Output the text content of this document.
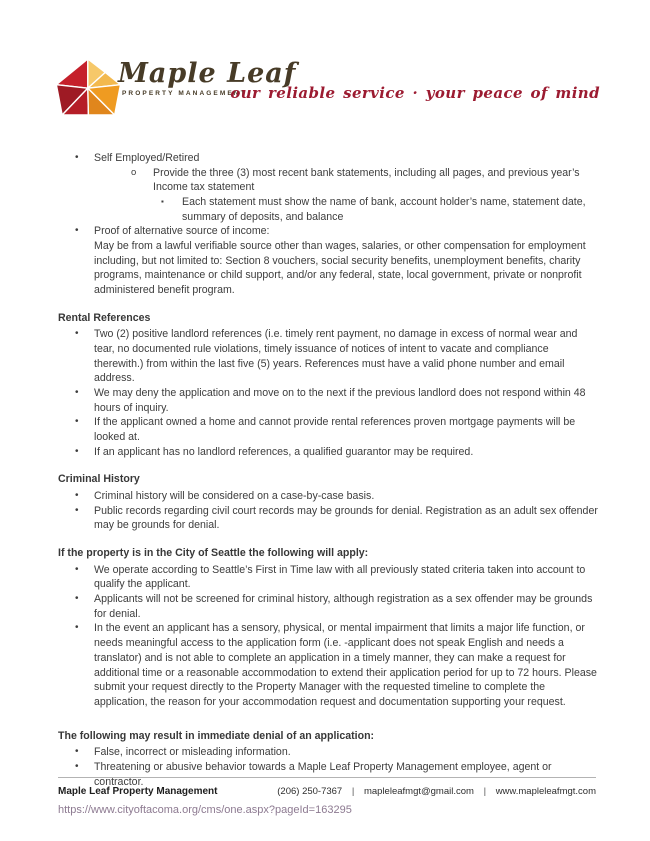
Maple Leaf
PROPERTY MANAGEMENT
our reliable service · your peace of mind
•	Self Employed/Retired
o	Provide the three (3) most recent bank statements, including all pages, and previous year’s Income tax statement
▪	Each statement must show the name of bank, account holder’s name, statement date, summary of deposits, and balance
•	Proof of alternative source of income:
May be from a lawful verifiable source other than wages, salaries, or other compensation for employment including, but not limited to: Section 8 vouchers, social security benefits, unemployment benefits, charity programs, maintenance or child support, and/or any federal, state, local government, private or nonprofit administered benefit program.

Rental References

•	Two (2) positive landlord references (i.e. timely rent payment, no damage in excess of normal wear and tear, no documented rule violations, timely issuance of notices of intent to vacate and compliance therewith.) from within the last five (5) years. References must have a valid phone number and email address.
•	We may deny the application and move on to the next if the previous landlord does not respond within 48 hours of inquiry.
•	If the applicant owned a home and cannot provide rental references proven mortgage payments will be looked at.
•	If an applicant has no landlord references, a qualified guarantor may be required.

Criminal History

•	Criminal history will be considered on a case-by-case basis.
•	Public records regarding civil court records may be grounds for denial. Registration as an adult sex offender may be grounds for denial.

If the property is in the City of Seattle the following will apply:

•	We operate according to Seattle’s First in Time law with all previously stated criteria taken into account to qualify the applicant.
•	Applicants will not be screened for criminal history, although registration as a sex offender may be grounds for denial.
•	In the event an applicant has a sensory, physical, or mental impairment that limits a major life function, or needs meaningful access to the application form (i.e. -applicant does not speak English and needs a translator) and is not able to complete an application in a timely manner, they can make a request for additional time or a reasonable accommodation to extend their application period for up to 72 hours. Please submit your request directly to the Property Manager with the requested timeline to complete the application, the reason for your accommodation request and documentation supporting your request.

The following may result in immediate denial of an application:

•	False, incorrect or misleading information.
•	Threatening or abusive behavior towards a Maple Leaf Property Management employee, agent or contractor.
https://www.cityoftacoma.org/cms/one.aspx?pageId=163295
Maple Leaf Property Management	(206) 250-7367 | mapleleafmgt@gmail.com | www.mapleleafmgt.com
